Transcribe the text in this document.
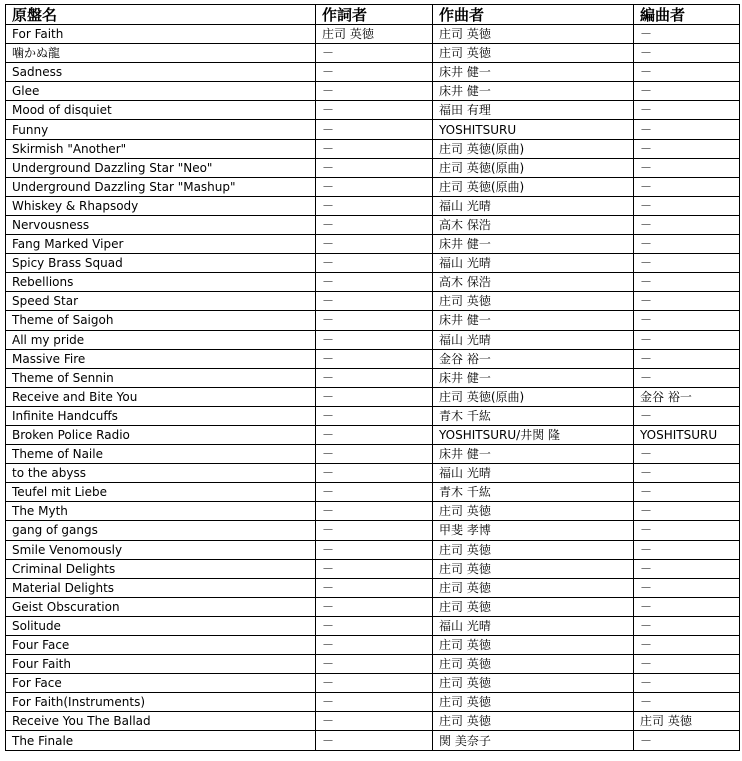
原盤名	作詞者	作曲者	編曲者
For Faith	庄司 英徳	庄司 英徳	－
噛かぬ龍	－	庄司 英徳	－
Sadness	－	床井 健一	－
Glee	－	床井 健一	－
Mood of disquiet	－	福田 有理	－
Funny	－	YOSHITSURU	－
Skirmish "Another"	－	庄司 英徳(原曲)	－
Underground Dazzling Star "Neo"	－	庄司 英徳(原曲)	－
Underground Dazzling Star "Mashup"	－	庄司 英徳(原曲)	－
Whiskey & Rhapsody	－	福山 光晴	－
Nervousness	－	高木 保浩	－
Fang Marked Viper	－	床井 健一	－
Spicy Brass Squad	－	福山 光晴	－
Rebellions	－	高木 保浩	－
Speed Star	－	庄司 英徳	－
Theme of Saigoh	－	床井 健一	－
All my pride	－	福山 光晴	－
Massive Fire	－	金谷 裕一	－
Theme of Sennin	－	床井 健一	－
Receive and Bite You	－	庄司 英徳(原曲)	金谷 裕一
Infinite Handcuffs	－	青木 千紘	－
Broken Police Radio	－	YOSHITSURU/井関 隆	YOSHITSURU
Theme of Naile	－	床井 健一	－
to the abyss	－	福山 光晴	－
Teufel mit Liebe	－	青木 千紘	－
The Myth	－	庄司 英徳	－
gang of gangs	－	甲斐 孝博	－
Smile Venomously	－	庄司 英徳	－
Criminal Delights	－	庄司 英徳	－
Material Delights	－	庄司 英徳	－
Geist Obscuration	－	庄司 英徳	－
Solitude	－	福山 光晴	－
Four Face	－	庄司 英徳	－
Four Faith	－	庄司 英徳	－
For Face	－	庄司 英徳	－
For Faith(Instruments)	－	庄司 英徳	－
Receive You The Ballad	－	庄司 英徳	庄司 英徳
The Finale	－	関 美奈子	－
